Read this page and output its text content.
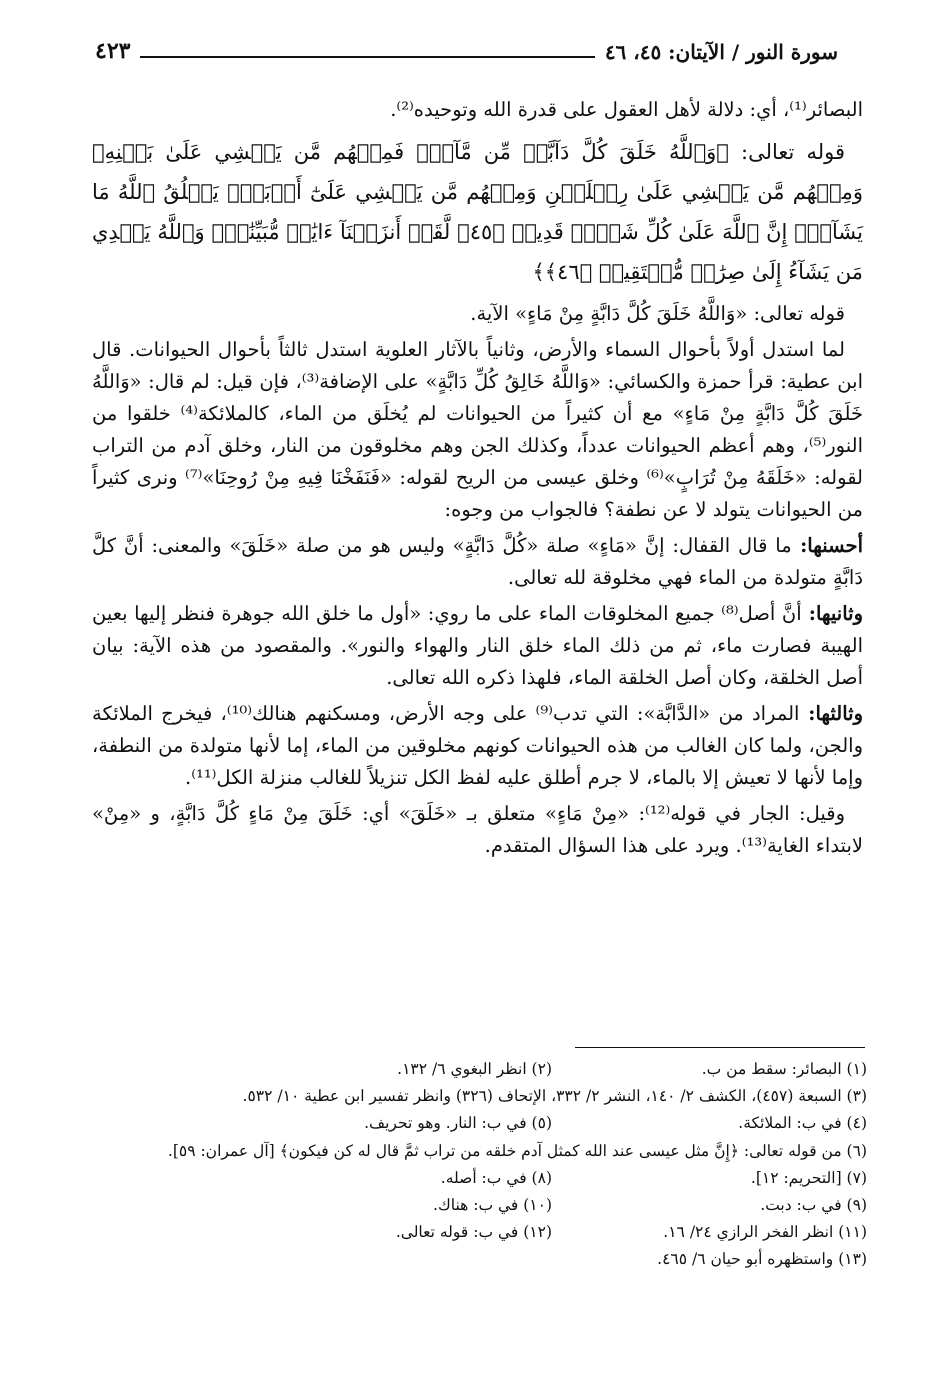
سورة النور / الآيتان: ٤٥، ٤٦
٤٢٣

البصائر⁽¹⁾، أي: دلالة لأهل العقول على قدرة الله وتوحيده⁽²⁾.

قوله تعالى: ﴿وَٱللَّهُ خَلَقَ كُلَّ دَآبَّةٖ مِّن مَّآءٖۖ فَمِنۡهُم مَّن يَمۡشِي عَلَىٰ بَطۡنِهِۦ وَمِنۡهُم مَّن يَمۡشِي عَلَىٰ رِجۡلَيۡنِ وَمِنۡهُم مَّن يَمۡشِي عَلَىٰٓ أَرۡبَعٖۚ يَخۡلُقُ ٱللَّهُ مَا يَشَآءُۚ إِنَّ ٱللَّهَ عَلَىٰ كُلِّ شَيۡءٖ قَدِيرٞ ﴿٤٥﴾ لَّقَدۡ أَنزَلۡنَآ ءَايَٰتٖ مُّبَيِّنَٰتٖۚ وَٱللَّهُ يَهۡدِي مَن يَشَآءُ إِلَىٰ صِرَٰطٖ مُّسۡتَقِيمٖ ﴿٤٦﴾﴾

قوله تعالى: «وَاللَّهُ خَلَقَ كُلَّ دَابَّةٍ مِنْ مَاءٍ» الآية.

لما استدل أولاً بأحوال السماء والأرض، وثانياً بالآثار العلوية استدل ثالثاً بأحوال الحيوانات. قال ابن عطية: قرأ حمزة والكسائي: «وَاللَّهُ خَالِقُ كُلِّ دَابَّةٍ» على الإضافة⁽³⁾، فإن قيل: لم قال: «وَاللَّهُ خَلَقَ كُلَّ دَابَّةٍ مِنْ مَاءٍ» مع أن كثيراً من الحيوانات لم يُخلَق من الماء، كالملائكة⁽⁴⁾ خلقوا من النور⁽⁵⁾، وهم أعظم الحيوانات عدداً، وكذلك الجن وهم مخلوقون من النار، وخلق آدم من التراب لقوله: «خَلَقَهُ مِنْ تُرَابٍ»⁽⁶⁾ وخلق عيسى من الريح لقوله: «فَنَفَخْنَا فِيهِ مِنْ رُوحِنَا»⁽⁷⁾ ونرى كثيراً من الحيوانات يتولد لا عن نطفة؟ فالجواب من وجوه:

أحسنها: ما قال القفال: إنَّ «مَاءٍ» صلة «كُلَّ دَابَّةٍ» وليس هو من صلة «خَلَقَ» والمعنى: أنَّ كلَّ دَابَّةٍ متولدة من الماء فهي مخلوقة لله تعالى.

وثانيها: أنَّ أصل⁽⁸⁾ جميع المخلوقات الماء على ما روي: «أول ما خلق الله جوهرة فنظر إليها بعين الهيبة فصارت ماء، ثم من ذلك الماء خلق النار والهواء والنور». والمقصود من هذه الآية: بيان أصل الخلقة، وكان أصل الخلقة الماء، فلهذا ذكره الله تعالى.

وثالثها: المراد من «الدَّابَّة»: التي تدب⁽⁹⁾ على وجه الأرض، ومسكنهم هنالك⁽¹⁰⁾، فيخرج الملائكة والجن، ولما كان الغالب من هذه الحيوانات كونهم مخلوقين من الماء، إما لأنها متولدة من النطفة، وإما لأنها لا تعيش إلا بالماء، لا جرم أطلق عليه لفظ الكل تنزيلاً للغالب منزلة الكل⁽¹¹⁾.

وقيل: الجار في قوله⁽¹²⁾: «مِنْ مَاءٍ» متعلق بـ «خَلَقَ» أي: خَلَقَ مِنْ مَاءٍ كُلَّ دَابَّةٍ، و «مِنْ» لابتداء الغاية⁽¹³⁾. ويرد على هذا السؤال المتقدم.

(١) البصائر: سقط من ب.
(٢) انظر البغوي ٦/ ١٣٢.
(٣) السبعة (٤٥٧)، الكشف ٢/ ١٤٠، النشر ٢/ ٣٣٢، الإتحاف (٣٢٦) وانظر تفسير ابن عطية ١٠/ ٥٣٢.
(٤) في ب: الملائكة.
(٥) في ب: النار. وهو تحريف.
(٦) من قوله تعالى: ﴿إِنَّ مثل عيسى عند الله كمثل آدم خلقه من تراب ثمَّ قال له كن فيكون﴾ [آل عمران: ٥٩].
(٧) [التحريم: ١٢].
(٨) في ب: أصله.
(٩) في ب: دبت.
(١٠) في ب: هناك.
(١١) انظر الفخر الرازي ٢٤/ ١٦.
(١٢) في ب: قوله تعالى.
(١٣) واستظهره أبو حيان ٦/ ٤٦٥.
